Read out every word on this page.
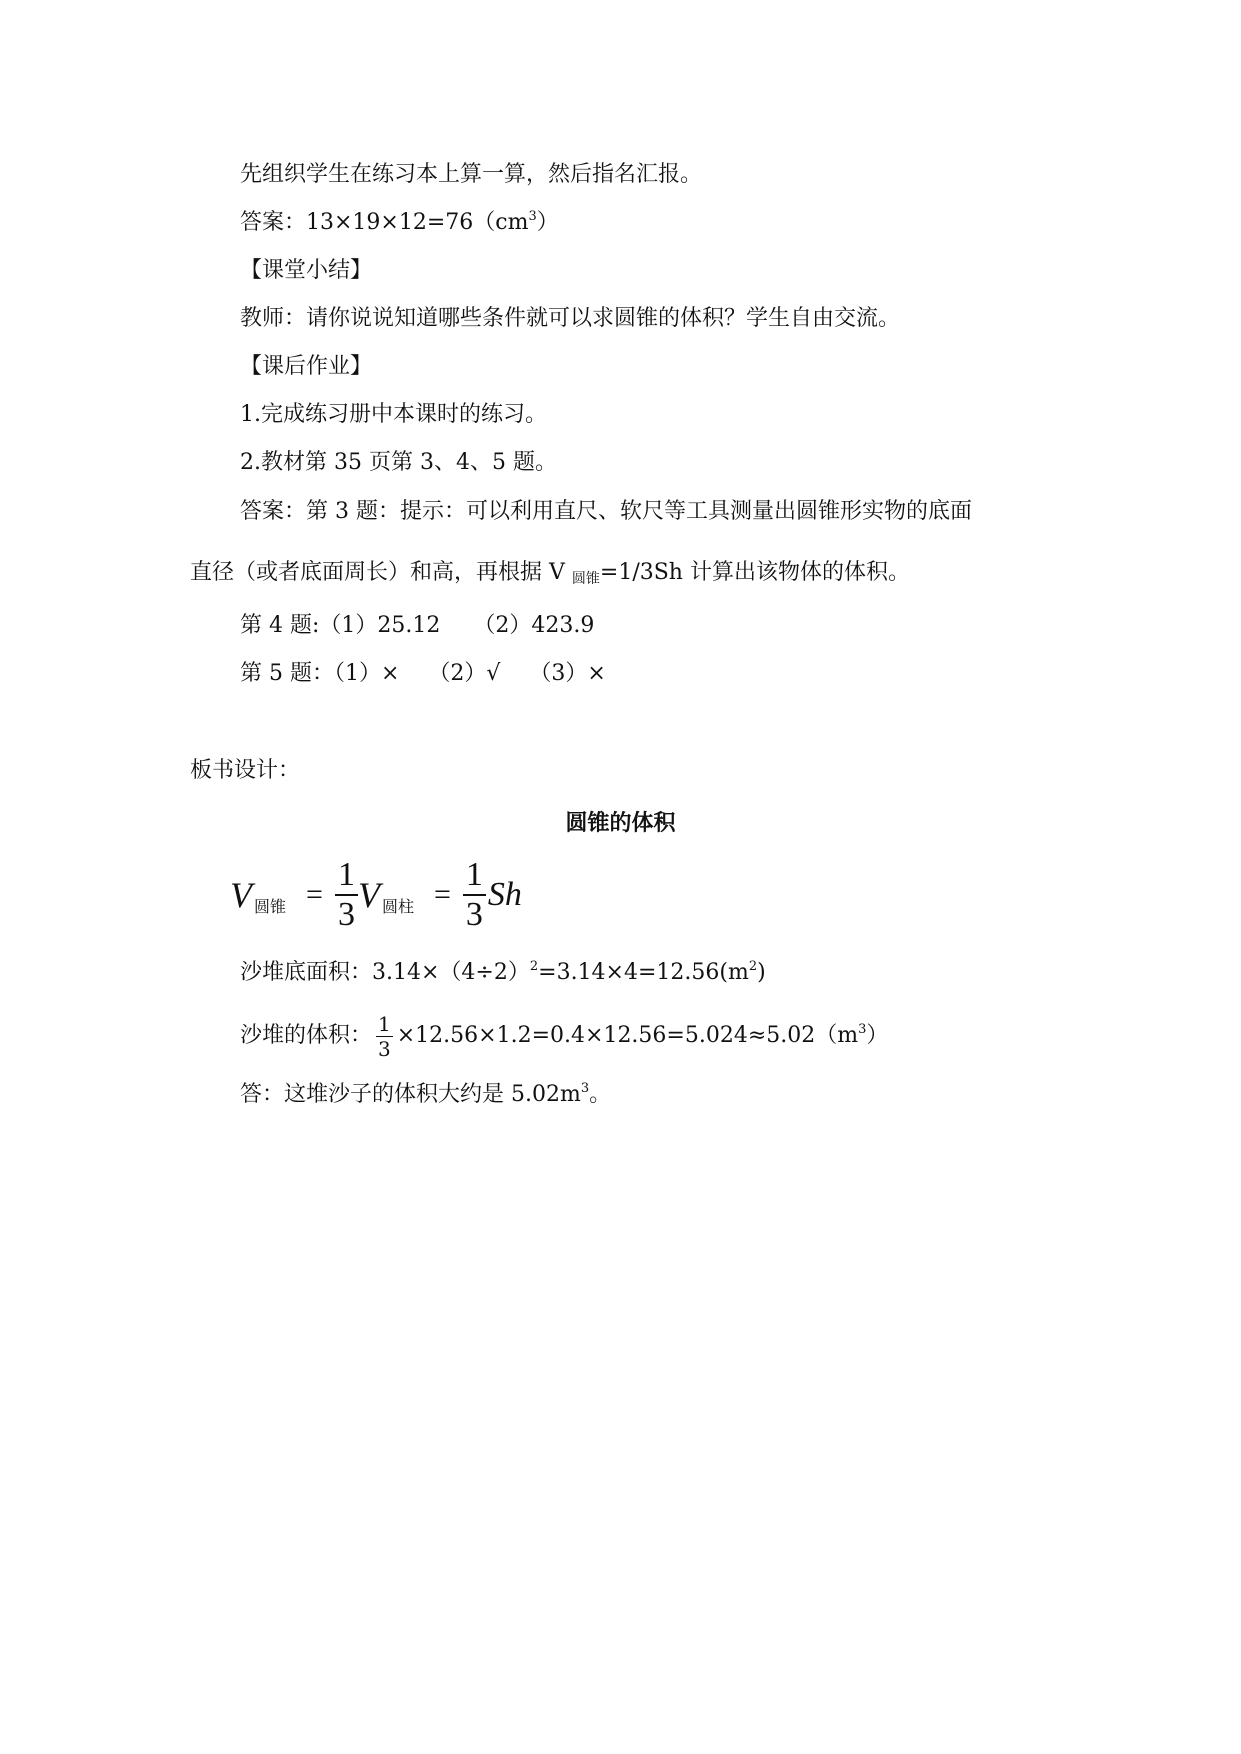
先组织学生在练习本上算一算，然后指名汇报。
答案：$13\times 19\times 12=76(cm^3)$
【课堂小结】
教师：请你说说知道哪些条件就可以求圆锥的体积？学生自由交流。
【课后作业】
1.完成练习册中本课时的练习。
2.教材第 35 页第 3、4、5 题。
答案：第 3 题：提示：可以利用直尺、软尺等工具测量出圆锥形实物的底面
直径（或者底面周长）和高，再根据 V $_{圆锥}$=1/3Sh 计算出该物体的体积。
第 4 题:（1）25.12　　（2）423.9
第 5 题：（1）×　 （2）√　 （3）×
板书设计：
圆锥的体积
V 圆锥 = $\frac{1}{3}$ V 圆柱 = $\frac{1}{3}$ Sh
沙堆底面积：$3.14\times(4\div 2)^2=3.14\times 4=12.56(m^2)$
沙堆的体积： $\frac{1}{3} \times 12.56\times 1.2=0.4\times 12.56=5.024\approx 5.02(m^3)$
答：这堆沙子的体积大约是 $5.02m^3$。
